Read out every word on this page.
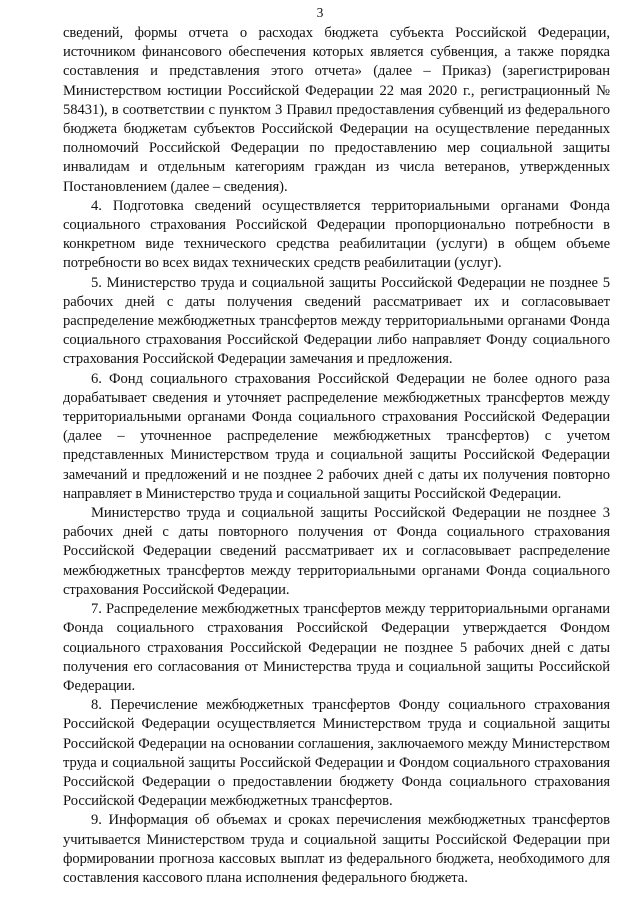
3

сведений, формы отчета о расходах бюджета субъекта Российской Федерации, источником финансового обеспечения которых является субвенция, а также порядка составления и представления этого отчета» (далее – Приказ) (зарегистрирован Министерством юстиции Российской Федерации 22 мая 2020 г., регистрационный № 58431), в соответствии с пунктом 3 Правил предоставления субвенций из федерального бюджета бюджетам субъектов Российской Федерации на осуществление переданных полномочий Российской Федерации по предоставлению мер социальной защиты инвалидам и отдельным категориям граждан из числа ветеранов, утвержденных Постановлением (далее – сведения).

4. Подготовка сведений осуществляется территориальными органами Фонда социального страхования Российской Федерации пропорционально потребности в конкретном виде технического средства реабилитации (услуги) в общем объеме потребности во всех видах технических средств реабилитации (услуг).

5. Министерство труда и социальной защиты Российской Федерации не позднее 5 рабочих дней с даты получения сведений рассматривает их и согласовывает распределение межбюджетных трансфертов между территориальными органами Фонда социального страхования Российской Федерации либо направляет Фонду социального страхования Российской Федерации замечания и предложения.

6. Фонд социального страхования Российской Федерации не более одного раза дорабатывает сведения и уточняет распределение межбюджетных трансфертов между территориальными органами Фонда социального страхования Российской Федерации (далее – уточненное распределение межбюджетных трансфертов) с учетом представленных Министерством труда и социальной защиты Российской Федерации замечаний и предложений и не позднее 2 рабочих дней с даты их получения повторно направляет в Министерство труда и социальной защиты Российской Федерации.

Министерство труда и социальной защиты Российской Федерации не позднее 3 рабочих дней с даты повторного получения от Фонда социального страхования Российской Федерации сведений рассматривает их и согласовывает распределение межбюджетных трансфертов между территориальными органами Фонда социального страхования Российской Федерации.

7. Распределение межбюджетных трансфертов между территориальными органами Фонда социального страхования Российской Федерации утверждается Фондом социального страхования Российской Федерации не позднее 5 рабочих дней с даты получения его согласования от Министерства труда и социальной защиты Российской Федерации.

8. Перечисление межбюджетных трансфертов Фонду социального страхования Российской Федерации осуществляется Министерством труда и социальной защиты Российской Федерации на основании соглашения, заключаемого между Министерством труда и социальной защиты Российской Федерации и Фондом социального страхования Российской Федерации о предоставлении бюджету Фонда социального страхования Российской Федерации межбюджетных трансфертов.

9. Информация об объемах и сроках перечисления межбюджетных трансфертов учитывается Министерством труда и социальной защиты Российской Федерации при формировании прогноза кассовых выплат из федерального бюджета, необходимого для составления кассового плана исполнения федерального бюджета.
